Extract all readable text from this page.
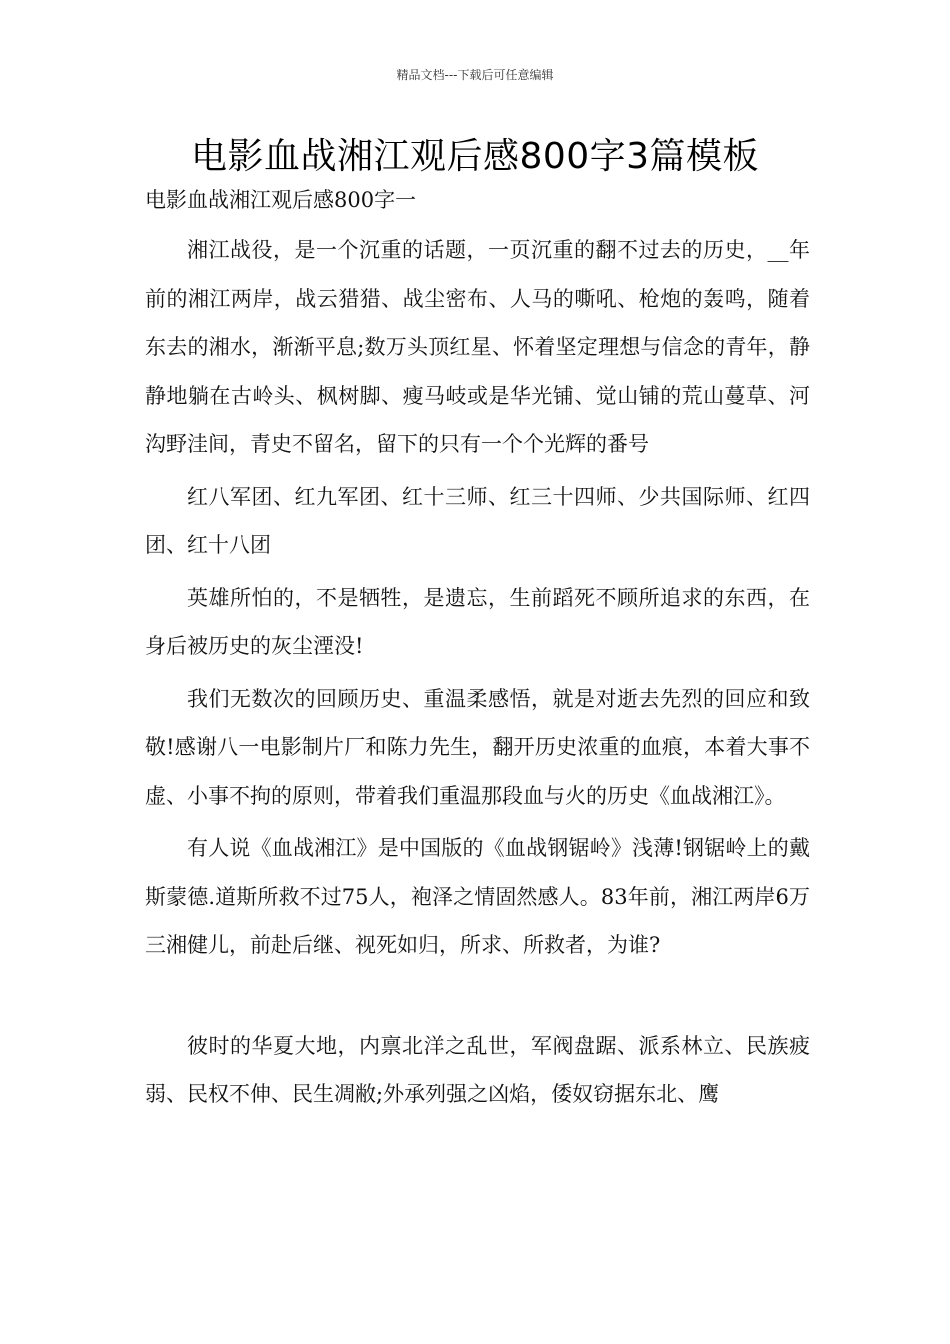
精品文档---下载后可任意编辑
电影血战湘江观后感800字3篇模板

电影血战湘江观后感800字一

湘江战役，是一个沉重的话题，一页沉重的翻不过去的历史，__年前的湘江两岸，战云猎猎、战尘密布、人马的嘶吼、枪炮的轰鸣，随着东去的湘水，渐渐平息;数万头顶红星、怀着坚定理想与信念的青年，静静地躺在古岭头、枫树脚、瘦马岐或是华光铺、觉山铺的荒山蔓草、河沟野洼间，青史不留名，留下的只有一个个光辉的番号

红八军团、红九军团、红十三师、红三十四师、少共国际师、红四团、红十八团

英雄所怕的，不是牺牲，是遗忘，生前蹈死不顾所追求的东西，在身后被历史的灰尘湮没!

我们无数次的回顾历史、重温柔感悟，就是对逝去先烈的回应和致敬!感谢八一电影制片厂和陈力先生，翻开历史浓重的血痕，本着大事不虚、小事不拘的原则，带着我们重温那段血与火的历史《血战湘江》。

有人说《血战湘江》是中国版的《血战钢锯岭》浅薄!钢锯岭上的戴斯蒙德.道斯所救不过75人，袍泽之情固然感人。83年前，湘江两岸6万三湘健儿，前赴后继、视死如归，所求、所救者，为谁?

彼时的华夏大地，内禀北洋之乱世，军阀盘踞、派系林立、民族疲弱、民权不伸、民生凋敝;外承列强之凶焰，倭奴窃据东北、鹰
